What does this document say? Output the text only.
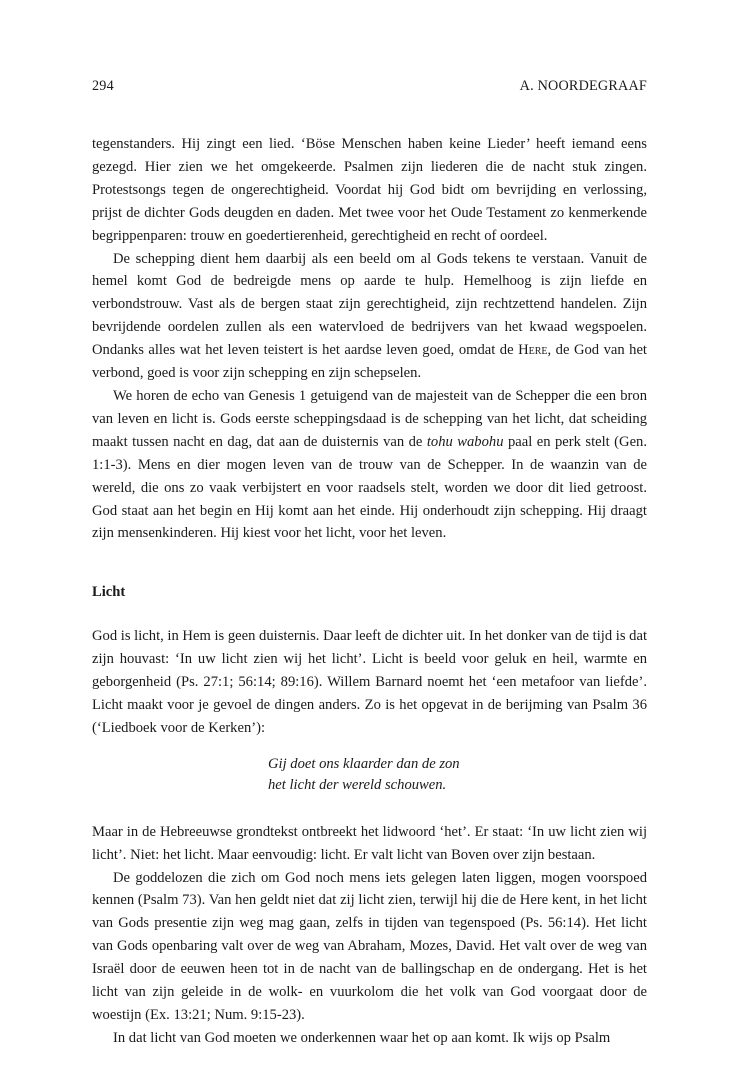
294	A. NOORDEGRAAF

tegenstanders. Hij zingt een lied. ‘Böse Menschen haben keine Lieder’ heeft iemand eens gezegd. Hier zien we het omgekeerde. Psalmen zijn liederen die de nacht stuk zingen. Protestsongs tegen de ongerechtigheid. Voordat hij God bidt om bevrijding en verlossing, prijst de dichter Gods deugden en daden. Met twee voor het Oude Testament zo kenmerkende begrippenparen: trouw en goedertierenheid, gerechtigheid en recht of oordeel.

De schepping dient hem daarbij als een beeld om al Gods tekens te verstaan. Vanuit de hemel komt God de bedreigde mens op aarde te hulp. Hemelhoog is zijn liefde en verbondstrouw. Vast als de bergen staat zijn gerechtigheid, zijn rechtzettend handelen. Zijn bevrijdende oordelen zullen als een watervloed de bedrijvers van het kwaad wegspoelen. Ondanks alles wat het leven teistert is het aardse leven goed, omdat de Here, de God van het verbond, goed is voor zijn schepping en zijn schepselen.

We horen de echo van Genesis 1 getuigend van de majesteit van de Schepper die een bron van leven en licht is. Gods eerste scheppingsdaad is de schepping van het licht, dat scheiding maakt tussen nacht en dag, dat aan de duisternis van de tohu wabohu paal en perk stelt (Gen. 1:1-3). Mens en dier mogen leven van de trouw van de Schepper. In de waanzin van de wereld, die ons zo vaak verbijstert en voor raadsels stelt, worden we door dit lied getroost. God staat aan het begin en Hij komt aan het einde. Hij onderhoudt zijn schepping. Hij draagt zijn mensenkinderen. Hij kiest voor het licht, voor het leven.

Licht

God is licht, in Hem is geen duisternis. Daar leeft de dichter uit. In het donker van de tijd is dat zijn houvast: ‘In uw licht zien wij het licht’. Licht is beeld voor geluk en heil, warmte en geborgenheid (Ps. 27:1; 56:14; 89:16). Willem Barnard noemt het ‘een metafoor van liefde’. Licht maakt voor je gevoel de dingen anders. Zo is het opgevat in de berijming van Psalm 36 (‘Liedboek voor de Kerken’):

Gij doet ons klaarder dan de zon
het licht der wereld schouwen.

Maar in de Hebreeuwse grondtekst ontbreekt het lidwoord ‘het’. Er staat: ‘In uw licht zien wij licht’. Niet: het licht. Maar eenvoudig: licht. Er valt licht van Boven over zijn bestaan.

De goddelozen die zich om God noch mens iets gelegen laten liggen, mogen voorspoed kennen (Psalm 73). Van hen geldt niet dat zij licht zien, terwijl hij die de Here kent, in het licht van Gods presentie zijn weg mag gaan, zelfs in tijden van tegenspoed (Ps. 56:14). Het licht van Gods openbaring valt over de weg van Abraham, Mozes, David. Het valt over de weg van Israël door de eeuwen heen tot in de nacht van de ballingschap en de ondergang. Het is het licht van zijn geleide in de wolk- en vuurkolom die het volk van God voorgaat door de woestijn (Ex. 13:21; Num. 9:15-23).

In dat licht van God moeten we onderkennen waar het op aan komt. Ik wijs op Psalm
